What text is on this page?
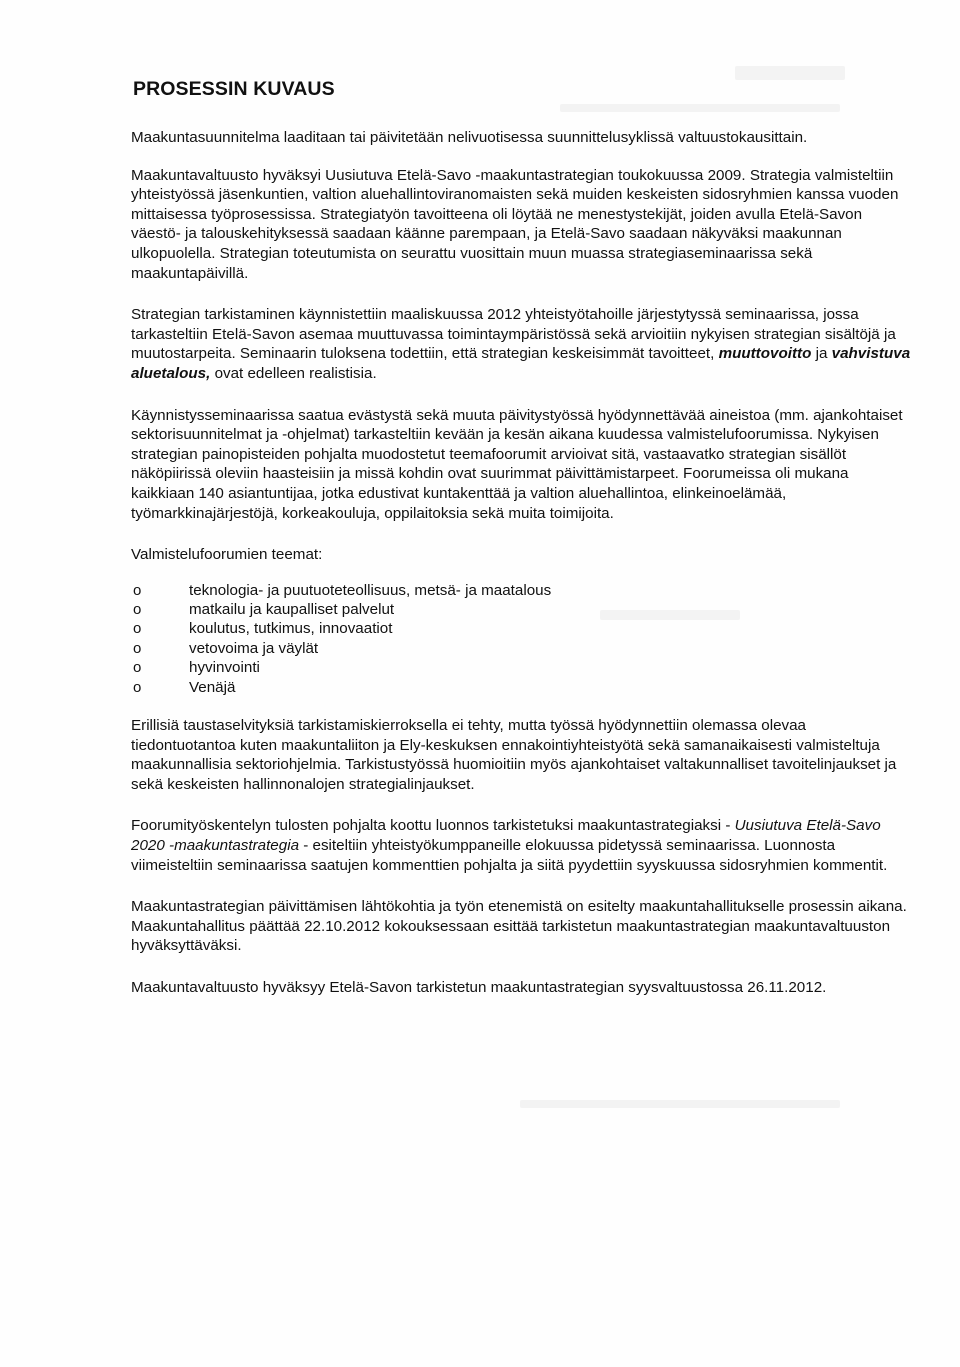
PROSESSIN KUVAUS

Maakuntasuunnitelma laaditaan tai päivitetään nelivuotisessa suunnittelusyklissä valtuustokausittain.

Maakuntavaltuusto hyväksyi Uusiutuva Etelä-Savo -maakuntastrategian toukokuussa 2009. Strategia valmisteltiin yhteistyössä jäsenkuntien, valtion aluehallintoviranomaisten sekä muiden keskeisten sidosryhmien kanssa vuoden mittaisessa työprosessissa. Strategiatyön tavoitteena oli löytää ne menestystekijät, joiden avulla Etelä-Savon väestö- ja talouskehityksessä saadaan käänne parempaan, ja Etelä-Savo saadaan näkyväksi maakunnan ulkopuolella. Strategian toteutumista on seurattu vuosittain muun muassa strategiaseminaarissa sekä maakuntapäivillä.

Strategian tarkistaminen käynnistettiin maaliskuussa 2012 yhteistyötahoille järjestytyssä seminaarissa, jossa tarkasteltiin Etelä-Savon asemaa muuttuvassa toimintaympäristössä sekä arvioitiin nykyisen strategian sisältöjä ja muutostarpeita. Seminaarin tuloksena todettiin, että strategian keskeisimmät tavoitteet, muuttovoitto ja vahvistuva aluetalous, ovat edelleen realistisia.

Käynnistysseminaarissa saatua evästystä sekä muuta päivitystyössä hyödynnettävää aineistoa (mm. ajankohtaiset sektorisuunnitelmat ja -ohjelmat) tarkasteltiin kevään ja kesän aikana kuudessa valmistelufoorumissa. Nykyisen strategian painopisteiden pohjalta muodostetut teemafoorumit arvioivat sitä, vastaavatko strategian sisällöt näköpiirissä oleviin haasteisiin ja missä kohdin ovat suurimmat päivittämistarpeet. Foorumeissa oli mukana kaikkiaan 140 asiantuntijaa, jotka edustivat kuntakenttää ja valtion aluehallintoa, elinkeinoelämää, työmarkkinajärjestöjä, korkeakouluja, oppilaitoksia sekä muita toimijoita.

Valmistelufoorumien teemat:

o	teknologia- ja puutuoteteollisuus, metsä- ja maatalous
o	matkailu ja kaupalliset palvelut
o	koulutus, tutkimus, innovaatiot
o	vetovoima ja väylät
o	hyvinvointi
o	Venäjä

Erillisiä taustaselvityksiä tarkistamiskierroksella ei tehty, mutta työssä hyödynnettiin olemassa olevaa tiedontuotantoa kuten maakuntaliiton ja Ely-keskuksen ennakointiyhteistyötä sekä samanaikaisesti valmisteltuja maakunnallisia sektoriohjelmia. Tarkistustyössä huomioitiin myös ajankohtaiset valtakunnalliset tavoitelinjaukset ja sekä keskeisten hallinnonalojen strategialinjaukset.

Foorumityöskentelyn tulosten pohjalta koottu luonnos tarkistetuksi maakuntastrategiaksi - Uusiutuva Etelä-Savo 2020 -maakuntastrategia - esiteltiin yhteistyökumppaneille elokuussa pidetyssä seminaarissa. Luonnosta viimeisteltiin seminaarissa saatujen kommenttien pohjalta ja siitä pyydettiin syyskuussa sidosryhmien kommentit.

Maakuntastrategian päivittämisen lähtökohtia ja työn etenemistä on esitelty maakuntahallitukselle prosessin aikana. Maakuntahallitus päättää 22.10.2012 kokouksessaan esittää tarkistetun maakuntastrategian maakuntavaltuuston hyväksyttäväksi.

Maakuntavaltuusto hyväksyy Etelä-Savon tarkistetun maakuntastrategian syysvaltuustossa 26.11.2012.
